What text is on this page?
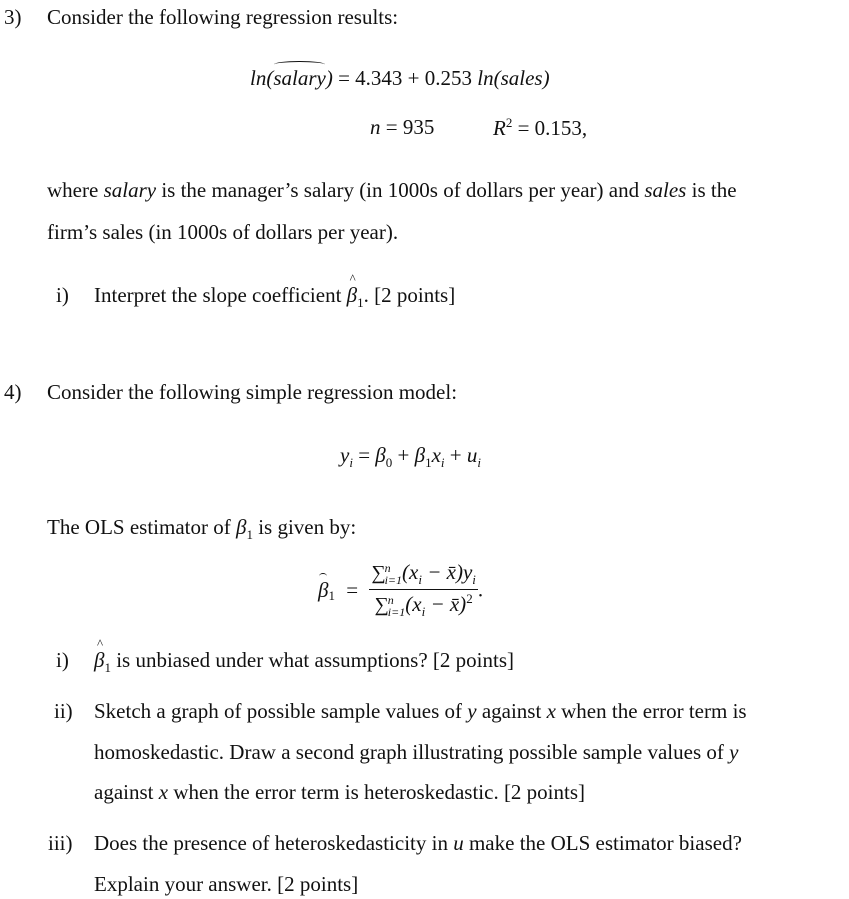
3) Consider the following regression results:
ln(salary) = 4.343 + 0.253 ln(sales)
n = 935	$R^2 = 0.153$,
where salary is the manager’s salary (in 1000s of dollars per year) and sales is the
firm’s sales (in 1000s of dollars per year).
i) Interpret the slope coefficient ^ $\beta_1$. [2 points]
4) Consider the following simple regression model:
$y_i = \beta_0 + \beta_1x_i + u_i$
The OLS estimator of $\beta_1$ is given by:
$\beta_1$ = ∑ n
i=1 ($x_i$ − $x̄)y_i$
∑ n
i=1 ($x_i$ − x̄)$^2$ .
i) ^ $\beta_1$ is unbiased under what assumptions? [2 points]
ii) Sketch a graph of possible sample values of y against x when the error term is
homoskedastic. Draw a second graph illustrating possible sample values of y
against x when the error term is heteroskedastic. [2 points]
iii) Does the presence of heteroskedasticity in u make the OLS estimator biased?
Explain your answer. [2 points]
